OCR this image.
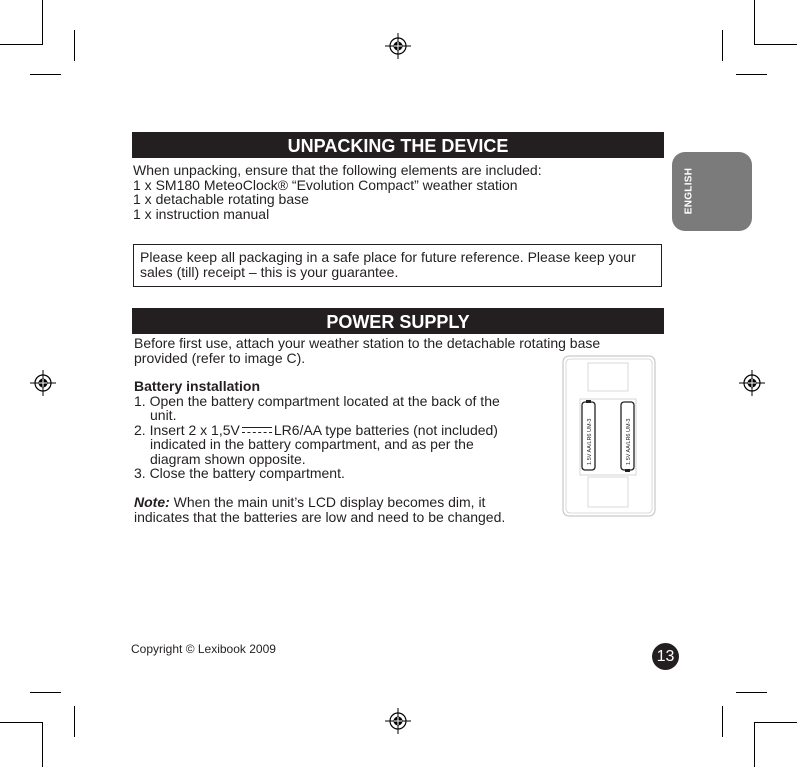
ENGLISH
UNPACKING THE DEVICE
When unpacking, ensure that the following elements are included:
1 x SM180 MeteoClock® “Evolution Compact” weather station
1 x detachable rotating base
1 x instruction manual
Please keep all packaging in a safe place for future reference. Please keep your
sales (till) receipt – this is your guarantee.
POWER SUPPLY
Before first use, attach your weather station to the detachable rotating base
provided (refer to image C).
Battery installation
1. Open the battery compartment located at the back of the
unit.
2. Insert 2 x 1,5V LR6/AA type batteries (not included)
indicated in the battery compartment, and as per the
diagram shown opposite.
3. Close the battery compartment.
Note: When the main unit’s LCD display becomes dim, it
indicates that the batteries are low and need to be changed.
1.5V AA/LR6 UM-3	1.5V AA/LR6 UM-3
Copyright © Lexibook 2009	13
